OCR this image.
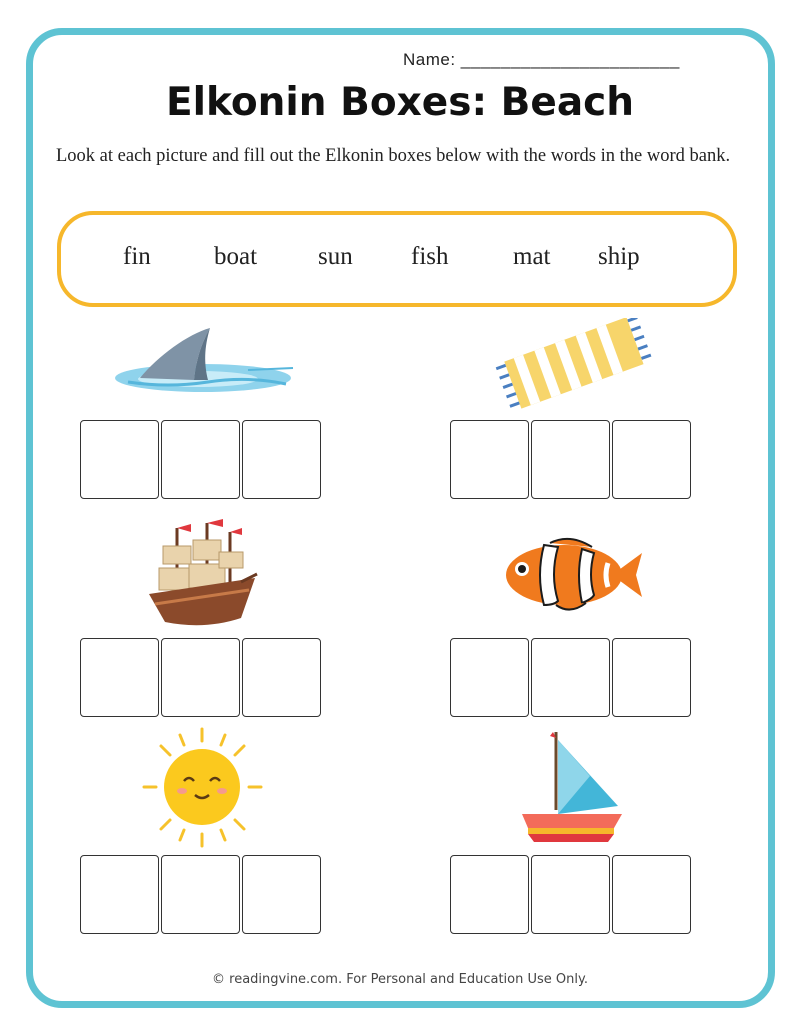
Name: ______________________
Elkonin Boxes: Beach
Look at each picture and fill out the Elkonin boxes below with the words in the word bank.
fin	boat sun fish	mat ship
© readingvine.com. For Personal and Education Use Only.
